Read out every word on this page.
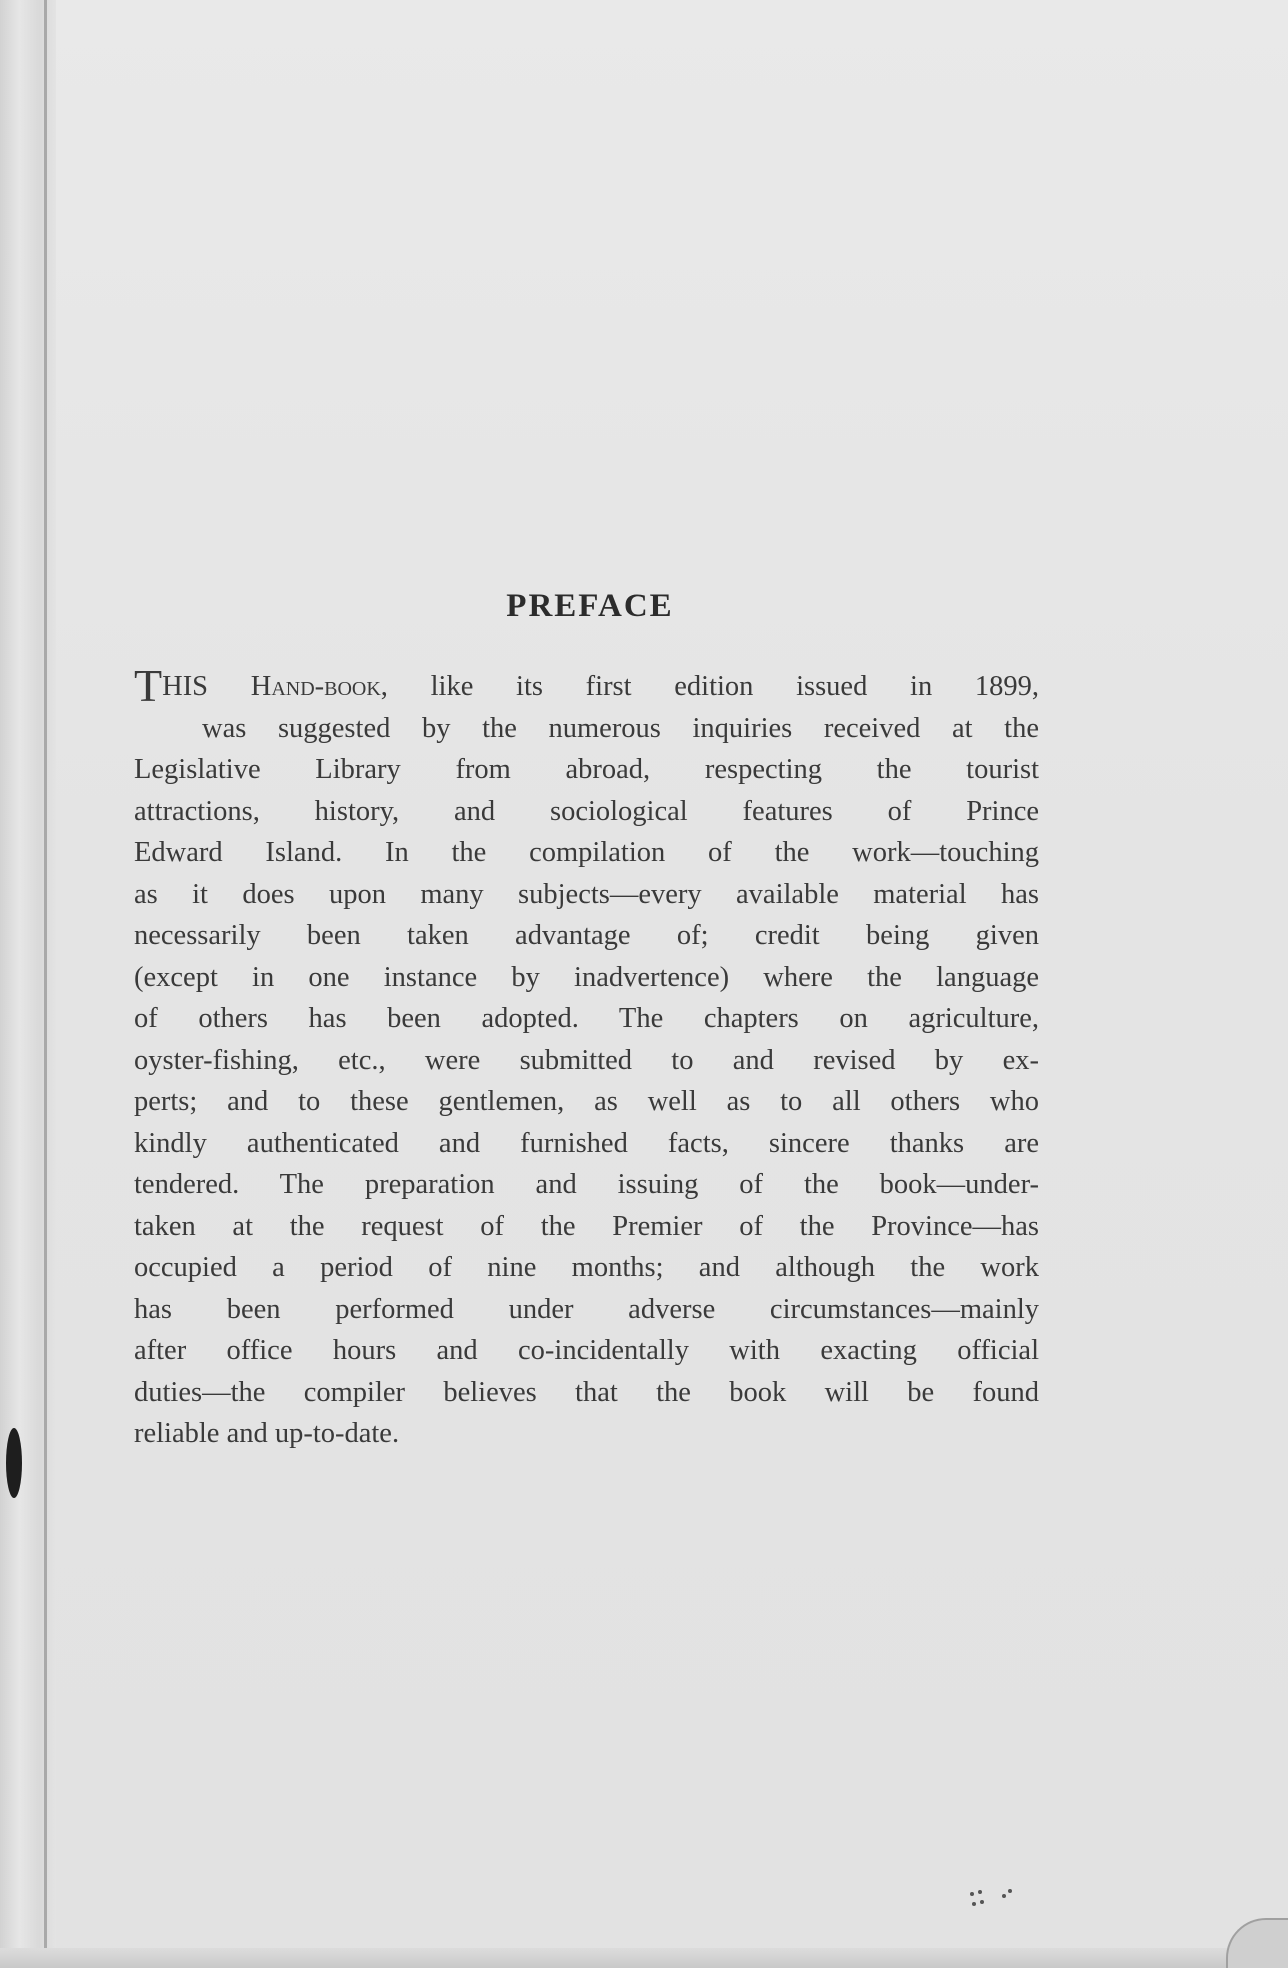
PREFACE
THIS Hand-book, like its first edition issued in 1899,
was suggested by the numerous inquiries received at the
Legislative Library from abroad, respecting the tourist
attractions, history, and sociological features of Prince
Edward Island. In the compilation of the work—touching
as it does upon many subjects—every available material has
necessarily been taken advantage of; credit being given
(except in one instance by inadvertence) where the language
of others has been adopted. The chapters on agriculture,
oyster-fishing, etc., were submitted to and revised by ex-
perts; and to these gentlemen, as well as to all others who
kindly authenticated and furnished facts, sincere thanks are
tendered. The preparation and issuing of the book—under-
taken at the request of the Premier of the Province—has
occupied a period of nine months; and although the work
has been performed under adverse circumstances—mainly
after office hours and co-incidentally with exacting official
duties—the compiler believes that the book will be found
reliable and up-to-date.
